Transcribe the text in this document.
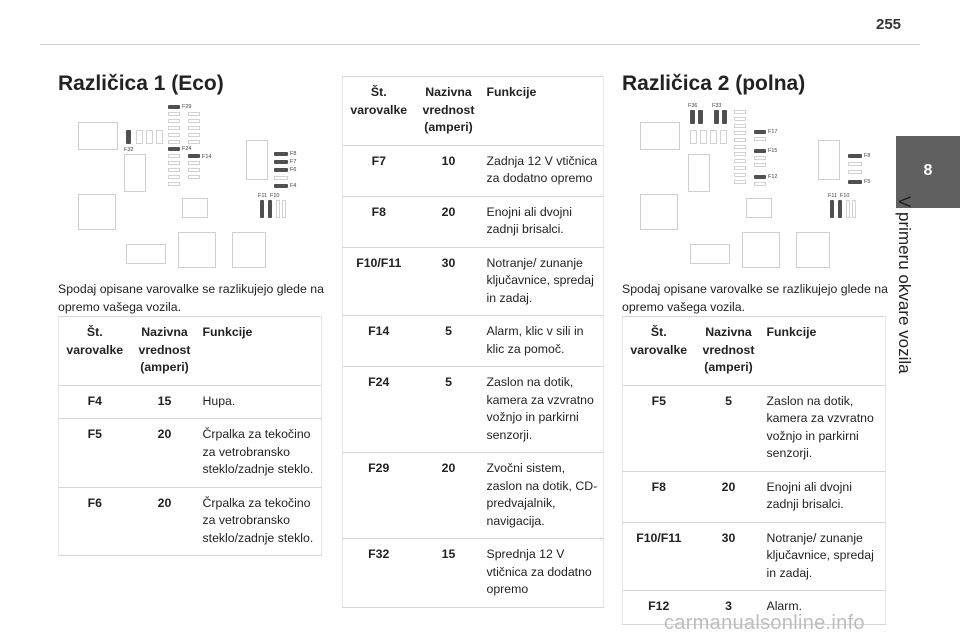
255
8
V primeru okvare vozila
Različica 1 (Eco)
F29
F32	F24
F14	F8
F7
F6
F4
F11 F10
Spodaj opisane varovalke se razlikujejo glede na opremo vašega vozila.
Št. varovalke	Nazivna vrednost (amperi)	Funkcije
F4	15	Hupa.
F5	20	Črpalka za tekočino za vetrobransko steklo/zadnje steklo.
F6	20	Črpalka za tekočino za vetrobransko steklo/zadnje steklo.
Št. varovalke	Nazivna vrednost (amperi)	Funkcije
F7	10	Zadnja 12 V vtičnica za dodatno opremo
F8	20	Enojni ali dvojni zadnji brisalci.
F10/F11	30	Notranje/ zunanje ključavnice, spredaj in zadaj.
F14	5	Alarm, klic v sili in klic za pomoč.
F24	5	Zaslon na dotik, kamera za vzvratno vožnjo in parkirni senzorji.
F29	20	Zvočni sistem, zaslon na dotik, CD-predvajalnik, navigacija.
F32	15	Sprednja 12 V vtičnica za dodatno opremo
Različica 2 (polna)
F36	F33
F17
F15
F12
F8
F5
F11 F10
Spodaj opisane varovalke se razlikujejo glede na opremo vašega vozila.
Št. varovalke	Nazivna vrednost (amperi)	Funkcije
F5	5	Zaslon na dotik, kamera za vzvratno vožnjo in parkirni senzorji.
F8	20	Enojni ali dvojni zadnji brisalci.
F10/F11	30	Notranje/ zunanje ključavnice, spredaj in zadaj.
F12	3	Alarm.
carmanualsonline.info
